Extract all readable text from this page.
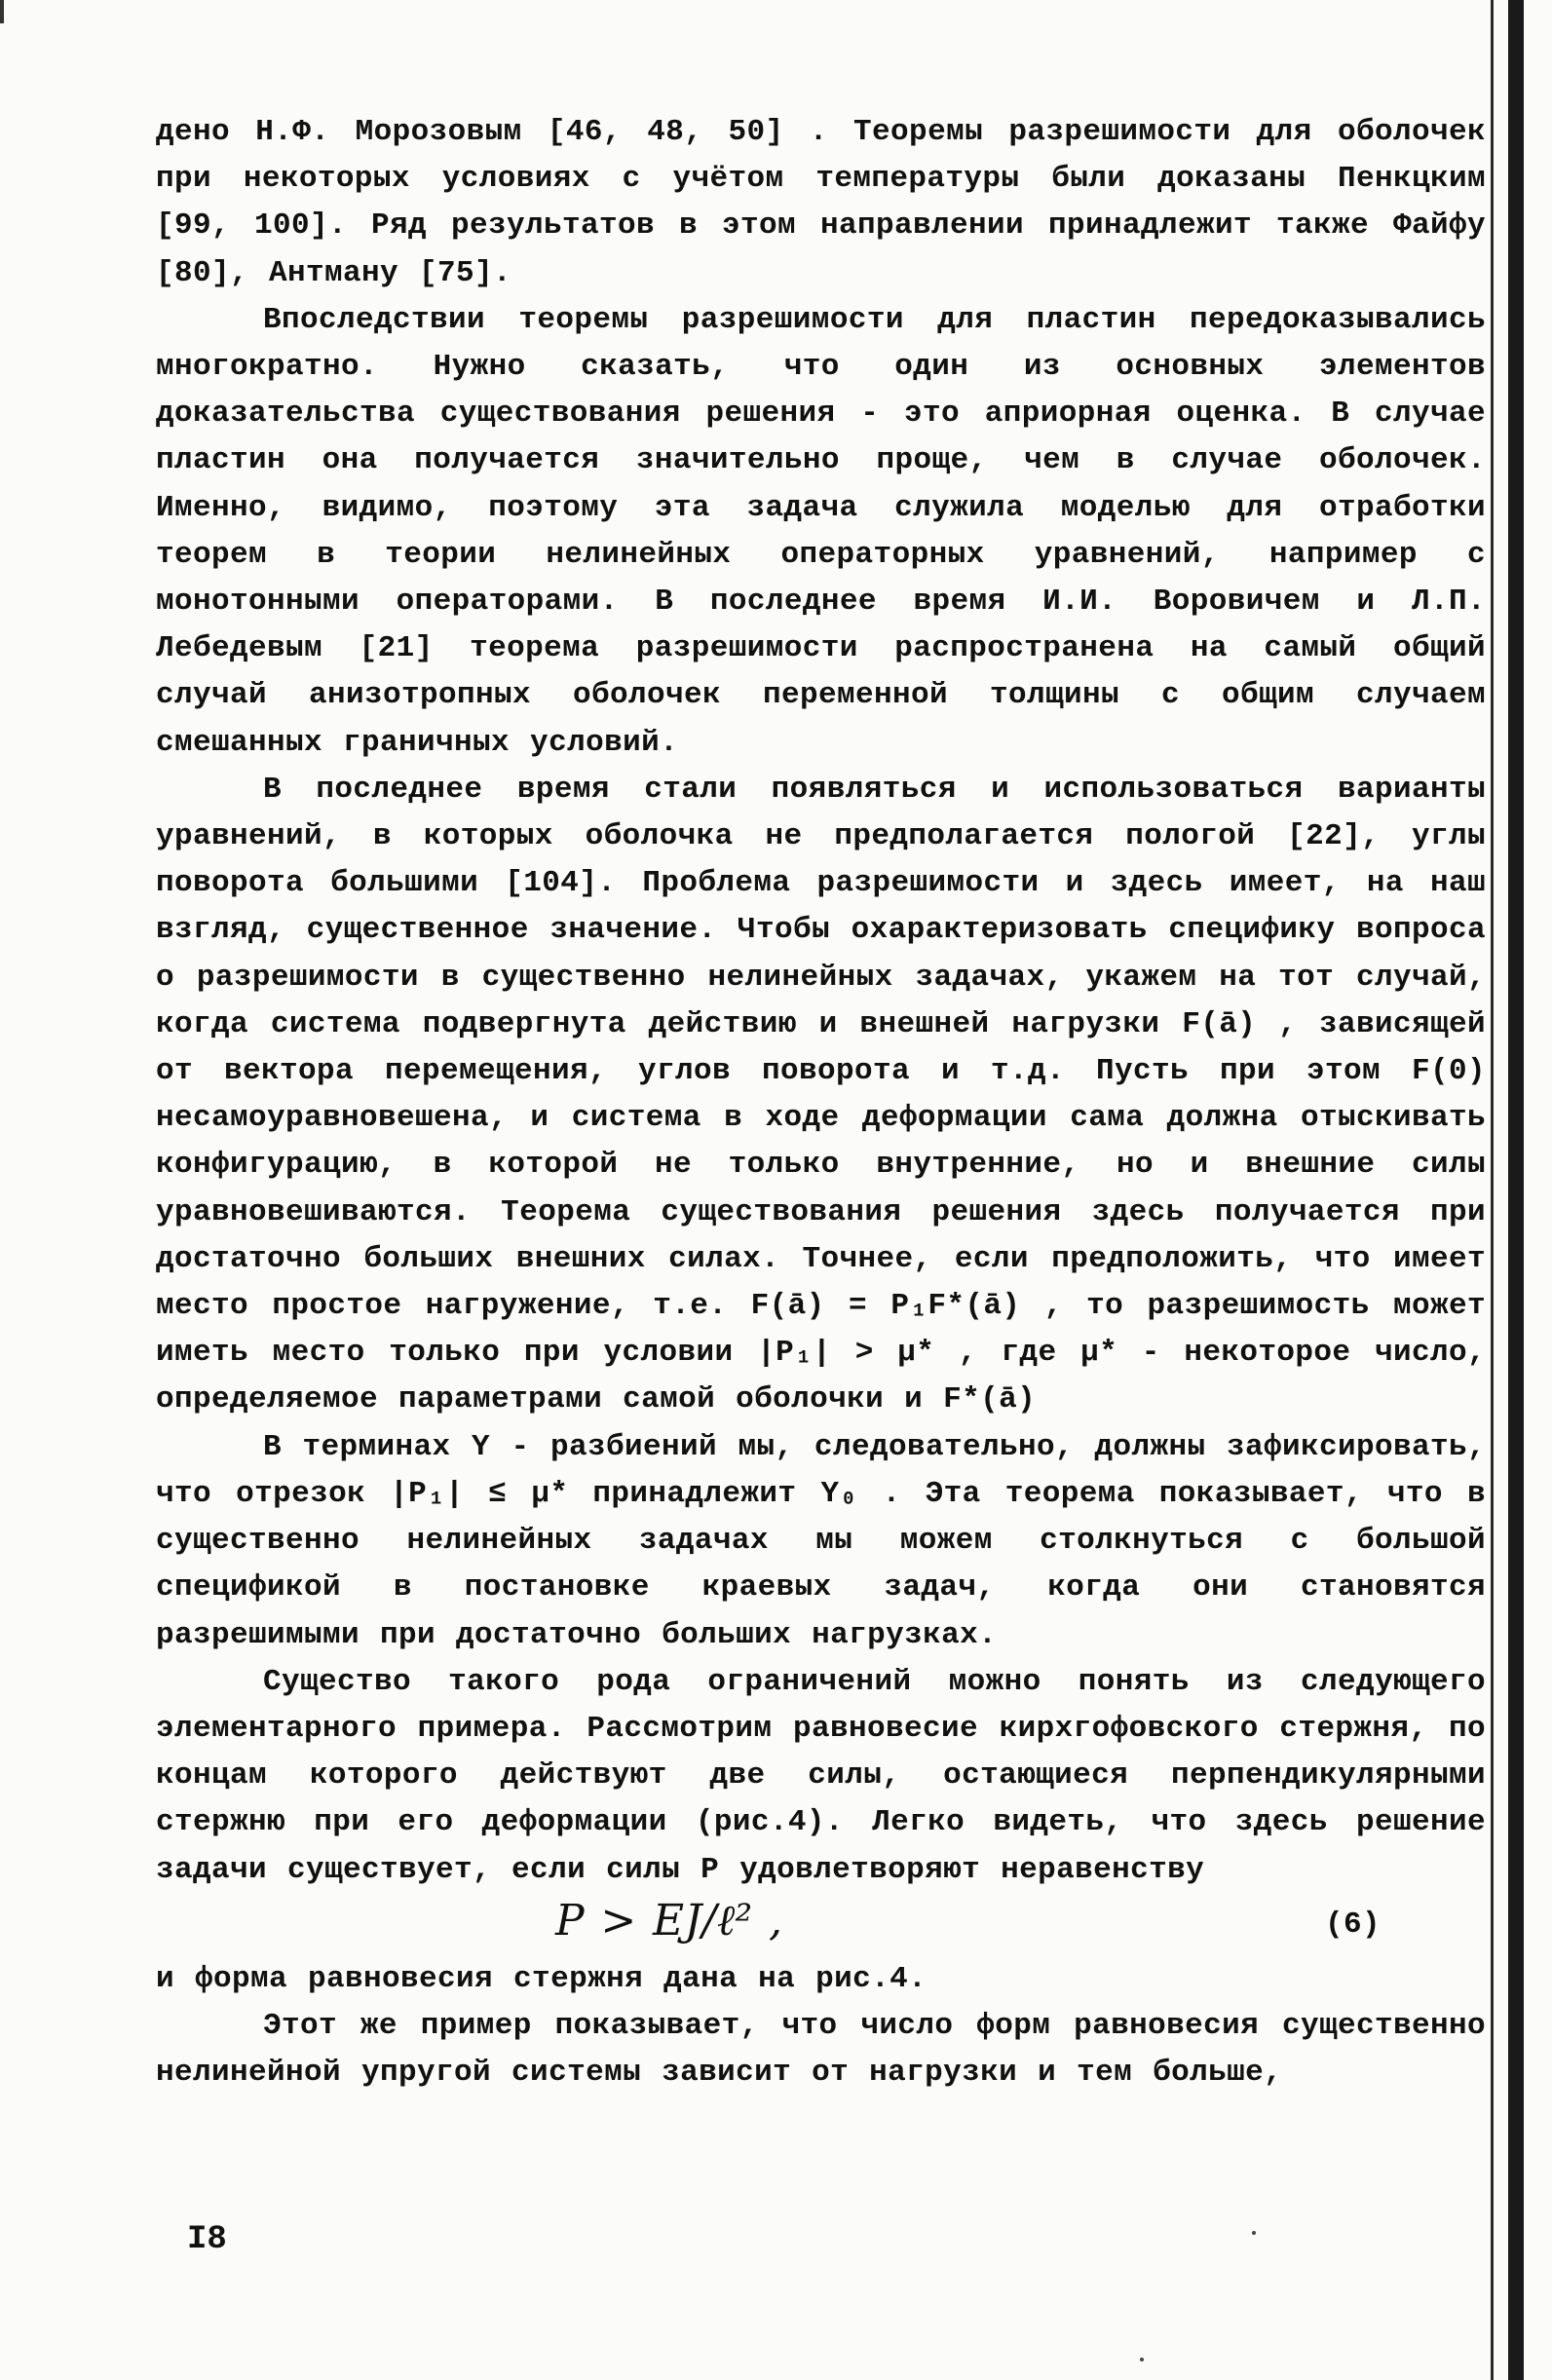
дено Н.Ф. Морозовым [46, 48, 50] . Теоремы разрешимости для оболочек при некоторых условиях с учётом температуры были доказаны Пенкцким [99, 100]. Ряд результатов в этом направлении принадлежит также Файфу [80], Антману [75].

Впоследствии теоремы разрешимости для пластин передоказывались многократно. Нужно сказать, что один из основных элементов доказательства существования решения - это априорная оценка. В случае пластин она получается значительно проще, чем в случае оболочек. Именно, видимо, поэтому эта задача служила моделью для отработки теорем в теории нелинейных операторных уравнений, например с монотонными операторами. В последнее время И.И. Воровичем и Л.П. Лебедевым [21] теорема разрешимости распространена на самый общий случай анизотропных оболочек переменной толщины с общим случаем смешанных граничных условий.

В последнее время стали появляться и использоваться варианты уравнений, в которых оболочка не предполагается пологой [22], углы поворота большими [104]. Проблема разрешимости и здесь имеет, на наш взгляд, существенное значение. Чтобы охарактеризовать специфику вопроса о разрешимости в существенно нелинейных задачах, укажем на тот случай, когда система подвергнута действию и внешней нагрузки F(ā) , зависящей от вектора перемещения, углов поворота и т.д. Пусть при этом F(0) несамоуравновешена, и система в ходе деформации сама должна отыскивать конфигурацию, в которой не только внутренние, но и внешние силы уравновешиваются. Теорема существования решения здесь получается при достаточно больших внешних силах. Точнее, если предположить, что имеет место простое нагружение, т.е. F(ā) = P₁F*(ā) , то разрешимость может иметь место только при условии |P₁| > μ* , где μ* - некоторое число, определяемое параметрами самой оболочки и F*(ā)

В терминах Y - разбиений мы, следовательно, должны зафиксировать, что отрезок |P₁| ≤ μ* принадлежит Y₀ . Эта теорема показывает, что в существенно нелинейных задачах мы можем столкнуться с большой спецификой в постановке краевых задач, когда они становятся разрешимыми при достаточно больших нагрузках.

Существо такого рода ограничений можно понять из следующего элементарного примера. Рассмотрим равновесие кирхгофовского стержня, по концам которого действуют две силы, остающиеся перпендикулярными стержню при его деформации (рис.4). Легко видеть, что здесь решение задачи существует, если силы P удовлетворяют неравенству

P > EJ/ℓ² ,	(6)

и форма равновесия стержня дана на рис.4.

Этот же пример показывает, что число форм равновесия существенно нелинейной упругой системы зависит от нагрузки и тем больше,

I8
